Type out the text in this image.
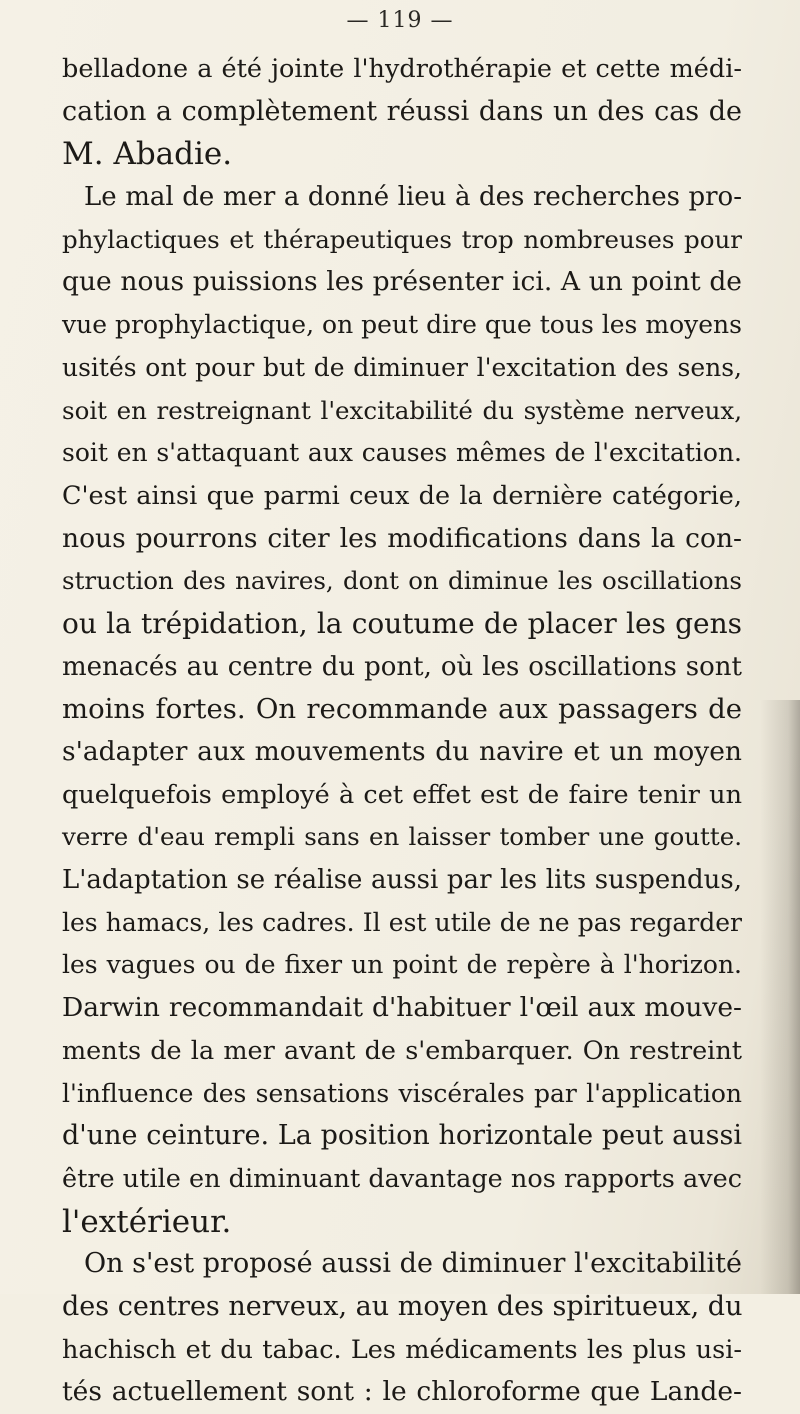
— 119 —
belladone a été jointe l'hydrothérapie et cette médi-
cation a complètement réussi dans un des cas de
M. Abadie.
Le mal de mer a donné lieu à des recherches pro-
phylactiques et thérapeutiques trop nombreuses pour
que nous puissions les présenter ici. A un point de
vue prophylactique, on peut dire que tous les moyens
usités ont pour but de diminuer l'excitation des sens,
soit en restreignant l'excitabilité du système nerveux,
soit en s'attaquant aux causes mêmes de l'excitation.
C'est ainsi que parmi ceux de la dernière catégorie,
nous pourrons citer les modifications dans la con-
struction des navires, dont on diminue les oscillations
ou la trépidation, la coutume de placer les gens
menacés au centre du pont, où les oscillations sont
moins fortes. On recommande aux passagers de
s'adapter aux mouvements du navire et un moyen
quelquefois employé à cet effet est de faire tenir un
verre d'eau rempli sans en laisser tomber une goutte.
L'adaptation se réalise aussi par les lits suspendus,
les hamacs, les cadres. Il est utile de ne pas regarder
les vagues ou de fixer un point de repère à l'horizon.
Darwin recommandait d'habituer l'œil aux mouve-
ments de la mer avant de s'embarquer. On restreint
l'influence des sensations viscérales par l'application
d'une ceinture. La position horizontale peut aussi
être utile en diminuant davantage nos rapports avec
l'extérieur.
On s'est proposé aussi de diminuer l'excitabilité
des centres nerveux, au moyen des spiritueux, du
hachisch et du tabac. Les médicaments les plus usi-
tés actuellement sont : le chloroforme que Lande-
